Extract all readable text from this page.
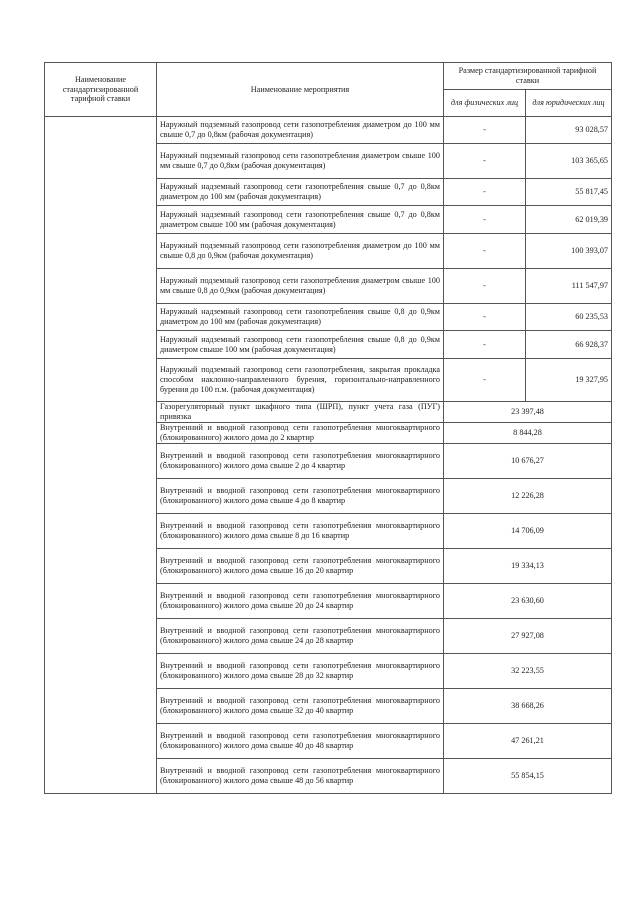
Наименование стандартизированной тарифной ставки	Наименование мероприятия	Размер стандартизированной тарифной ставки	
		для физических лиц	для юридических лиц
	Наружный подземный газопровод сети газопотребления диаметром до 100 мм свыше 0,7 до 0,8км (рабочая документация)	-	93 028,57
	Наружный подземный газопровод сети газопотребления диаметром свыше 100 мм свыше 0,7 до 0,8км (рабочая документация)	-	103 365,65
	Наружный надземный газопровод сети газопотребления свыше 0,7 до 0,8км диаметром до 100 мм (рабочая документация)	-	55 817,45
	Наружный надземный газопровод сети газопотребления свыше 0,7 до 0,8км диаметром свыше 100 мм (рабочая документация)	-	62 019,39
	Наружный подземный газопровод сети газопотребления диаметром до 100 мм свыше 0,8 до 0,9км (рабочая документация)	-	100 393,07
	Наружный подземный газопровод сети газопотребления диаметром свыше 100 мм свыше 0,8 до 0,9км (рабочая документация)	-	111 547,97
	Наружный надземный газопровод сети газопотребления свыше 0,8 до 0,9км диаметром до 100 мм (рабочая документация)	-	60 235,53
	Наружный надземный газопровод сети газопотребления свыше 0,8 до 0,9км диаметром свыше 100 мм (рабочая документация)	-	66 928,37
	Наружный подземный газопровод сети газопотребления, закрытая прокладка способом наклонно-направленного бурения, горизонтально-направленного бурения до 100 п.м. (рабочая документация)	-	19 327,95
	Газорегуляторный пункт шкафного типа (ШРП), пункт учета газа (ПУГ) привязка	23 397,48	
	Внутренний и вводной газопровод сети газопотребления многоквартирного (блокированного) жилого дома до 2 квартир	8 844,28	
	Внутренний и вводной газопровод сети газопотребления многоквартирного (блокированного) жилого дома свыше 2 до 4 квартир	10 676,27	
	Внутренний и вводной газопровод сети газопотребления многоквартирного (блокированного) жилого дома свыше 4 до 8 квартир	12 226,28	
	Внутренний и вводной газопровод сети газопотребления многоквартирного (блокированного) жилого дома свыше 8 до 16 квартир	14 706,09	
	Внутренний и вводной газопровод сети газопотребления многоквартирного (блокированного) жилого дома свыше 16 до 20 квартир	19 334,13	
	Внутренний и вводной газопровод сети газопотребления многоквартирного (блокированного) жилого дома свыше 20 до 24 квартир	23 630,60	
	Внутренний и вводной газопровод сети газопотребления многоквартирного (блокированного) жилого дома свыше 24 до 28 квартир	27 927,08	
	Внутренний и вводной газопровод сети газопотребления многоквартирного (блокированного) жилого дома свыше 28 до 32 квартир	32 223,55	
	Внутренний и вводной газопровод сети газопотребления многоквартирного (блокированного) жилого дома свыше 32 до 40 квартир	38 668,26	
	Внутренний и вводной газопровод сети газопотребления многоквартирного (блокированного) жилого дома свыше 40 до 48 квартир	47 261,21	
	Внутренний и вводной газопровод сети газопотребления многоквартирного (блокированного) жилого дома свыше 48 до 56 квартир	55 854,15	
